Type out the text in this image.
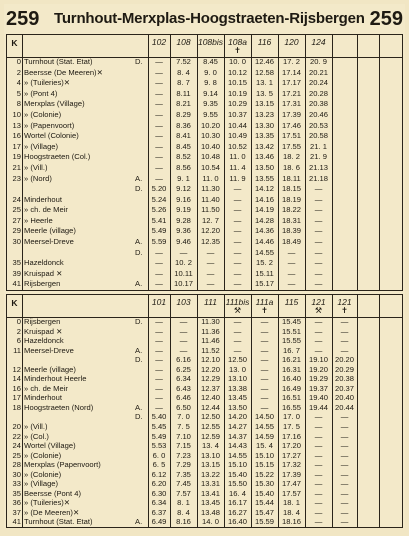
259 Turnhout-Merxplas-Hoogstraeten-Rijsbergen 259
K	102	108 108bis 108a
✝
116	120	124
0 Turnhout (Stat. Etat)	D.	—	7.52	8.45	10. 0	12.46	17. 2	20. 9
2 Beersse (De Meeren)✕	—	8. 4	9. 0	10.12	12.58	17.14	20.21
4 » (Tuileries)✕	—	8. 7	9. 8	10.15	13. 1	17.17	20.24
5 » (Pont 4)	—	8.11	9.14	10.19	13. 5	17.21	20.28
8 Merxplas (Village)	—	8.21	9.35	10.29	13.15	17.31	20.38
10 » (Colonie)	—	8.29	9.55	10.37	13.23	17.39	20.46
13 » (Papenvoort)	—	8.36	10.20	10.44	13.30	17.46	20.53
16 Wortel (Colonie)	—	8.41	10.30	10.49	13.35	17.51	20.58
17 » (Village)	—	8.45	10.40	10.52	13.42	17.55	21. 1
19 Hoogstraeten (Col.)	—	8.52	10.48	11. 0	13.46	18. 2	21. 9
21 » (Vill.)	—	8.56	10.54	11. 4	13.50	18. 6	21.13
23 » (Nord)	A.	—	9. 1	11. 0	11. 9	13.55	18.11	21.18
D.	5.20	9.12	11.30	—	14.12	18.15	—
24 Minderhout	5.24	9.16	11.40	—	14.16	18.19	—
25 » ch. de Meir	5.26	9.19	11.50	—	14.19	18.22	—
27 » Heerle	5.41	9.28	12. 7	—	14.28	18.31	—
29 Meerle (village)	5.49	9.36	12.20	—	14.36	18.39	—
30 Meersel-Dreve	A.	5.59	9.46	12.35	—	14.46	18.49	—
D.	—	—	—	—	14.55	—	—
35 Hazeldonck	—	10. 2	—	—	15. 2	—	—
39 Kruispad ✕	—	10.11	—	—	15.11	—	—
41 Rijsbergen	A.	—	10.17	—	—	15.17	—	—
K	101	103	111	111bis
⚒
111a
✝
115	121
⚒
121
✝
0 Rijsbergen	D.	—	—	11.30	—	—	15.45	—	—
2 Kruispad ✕	—	—	11.36	—	—	15.51	—	—
6 Hazeldonck	—	—	11.46	—	—	15.55	—	—
11 Meersel-Dreve	A.	—	—	11.52	—	—	16. 7	—	—
D.	—	6.16	12.10	12.50	—	16.21	19.10 20.20
12 Meerle (village)	—	6.25	12.20	13. 0	—	16.31	19.20 20.29
14 Minderhout Heerle	—	6.34	12.29	13.10	—	16.40	19.29 20.38
16 » ch. de Meir	—	6.43	12.37	13.38	—	16.49	19.37 20.37
17 Minderhout	—	6.46	12.40	13.45	—	16.51	19.40 20.40
18 Hoogstraeten (Nord)	A.	—	6.50	12.44	13.50	—	16.55	19.44 20.44
D.	5.40	7. 0	12.50	14.20	14.50	17. 0	—	—
20 » (Vill.)	5.45	7. 5	12.55	14.27	14.55	17. 5	—	—
22 » (Col.)	5.49	7.10	12.59	14.37	14.59	17.16	—	—
24 Wortel (Village)	5.53	7.15	13. 4	14.43	15. 4	17.20	—	—
25 » (Colonie)	6. 0	7.23	13.10	14.55	15.10	17.27	—	—
28 Merxplas (Papenvoort)	6. 5	7.29	13.15	15.10	15.15	17.32	—	—
30 » (Colonie)	6.12	7.35	13.22	15.40	15.22	17.39	—	—
33 » (Village)	6.20	7.45	13.31	15.50	15.30	17.47	—	—
35 Beersse (Pont 4)	6.30	7.57	13.41	16. 4	15.40	17.57	—	—
36 » (Tuileries)✕	6.34	8. 1	13.45	16.17	15.44	18. 1	—	—
37 » (De Meeren)✕	6.37	8. 4	13.48	16.27	15.47	18. 4	—	—
41 Turnhout (Stat. Etat)	A.	6.49	8.16	14. 0	16.40	15.59	18.16	—	—
